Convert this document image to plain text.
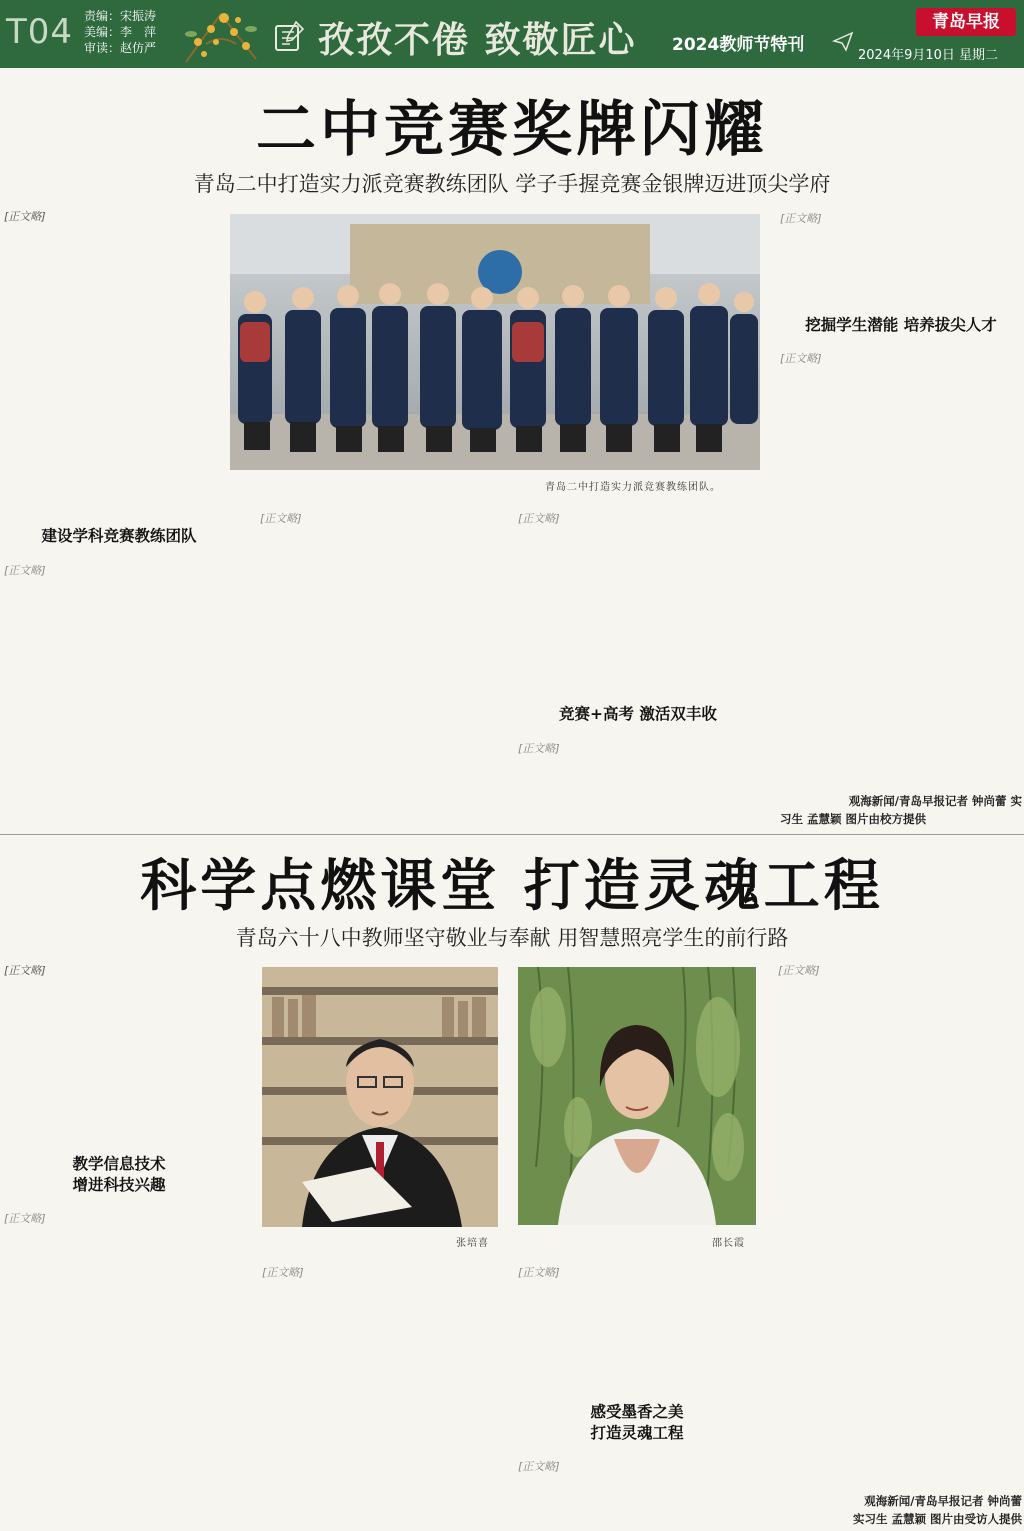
T04 责编：宋振涛
美编：李　萍
审读：赵仿严	孜孜不倦 致敬匠心 2024教师节特刊
青岛早报
2024年9月10日 星期二
二中竞赛奖牌闪耀
青岛二中打造实力派竞赛教练团队 学子手握竞赛金银牌迈进顶尖学府

[正文略]

青岛二中打造实力派竞赛教练团队。

[正文略]

挖掘学生潜能 培养拔尖人才

[正文略]

观海新闻/青岛早报记者 钟尚蕾 实
习生 孟慧颖 图片由校方提供
建设学科竞赛教练团队

[正文略]

[正文略]	[正文略]

竞赛+高考 激活双丰收

[正文略]

科学点燃课堂 打造灵魂工程
青岛六十八中教师坚守敬业与奉献 用智慧照亮学生的前行路

[正文略]

教学信息技术
增进科技兴趣

[正文略]

张培喜	邵长霞

[正文略]	[正文略]

感受墨香之美
打造灵魂工程

[正文略]

[正文略]

观海新闻/青岛早报记者 钟尚蕾
实习生 孟慧颖 图片由受访人提供
